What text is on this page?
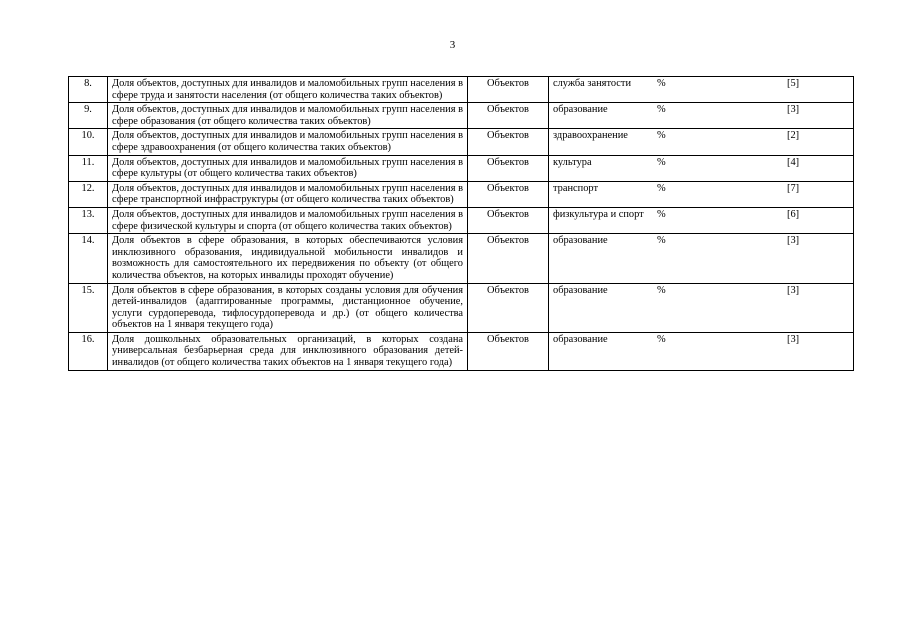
3
8.	Доля объектов, доступных для инвалидов и маломобильных групп населения в сфере труда и занятости населения (от общего количества таких объектов)	Объектов	служба занятости % [5]

9.	Доля объектов, доступных для инвалидов и маломобильных групп населения в сфере образования (от общего количества таких объектов)	Объектов	образование % [3]

10.	Доля объектов, доступных для инвалидов и маломобильных групп населения в сфере здравоохранения (от общего количества таких объектов)	Объектов	здравоохранение % [2]

11.	Доля объектов, доступных для инвалидов и маломобильных групп населения в сфере культуры (от общего количества таких объектов)	Объектов	культура % [4]

12.	Доля объектов, доступных для инвалидов и маломобильных групп населения в сфере транспортной инфраструктуры (от общего количества таких объектов)	Объектов	транспорт % [7]

13.	Доля объектов, доступных для инвалидов и маломобильных групп населения в сфере физической культуры и спорта (от общего количества таких объектов)	Объектов	физкультура и спорт % [6]

14.	Доля объектов в сфере образования, в которых обеспечиваются условия инклюзивного образования, индивидуальной мобильности инвалидов и возможность для самостоятельного их передвижения по объекту (от общего количества объектов, на которых инвалиды проходят обучение)	Объектов	образование % [3]

15.	Доля объектов в сфере образования, в которых созданы условия для обучения детей-инвалидов (адаптированные программы, дистанционное обучение, услуги сурдоперевода, тифлосурдоперевода и др.) (от общего количества объектов на 1 января текущего года)	Объектов	образование % [3]

16.	Доля дошкольных образовательных организаций, в которых создана универсальная безбарьерная среда для инклюзивного образования детей-инвалидов (от общего количества таких объектов на 1 января текущего года)	Объектов	образование % [3]
